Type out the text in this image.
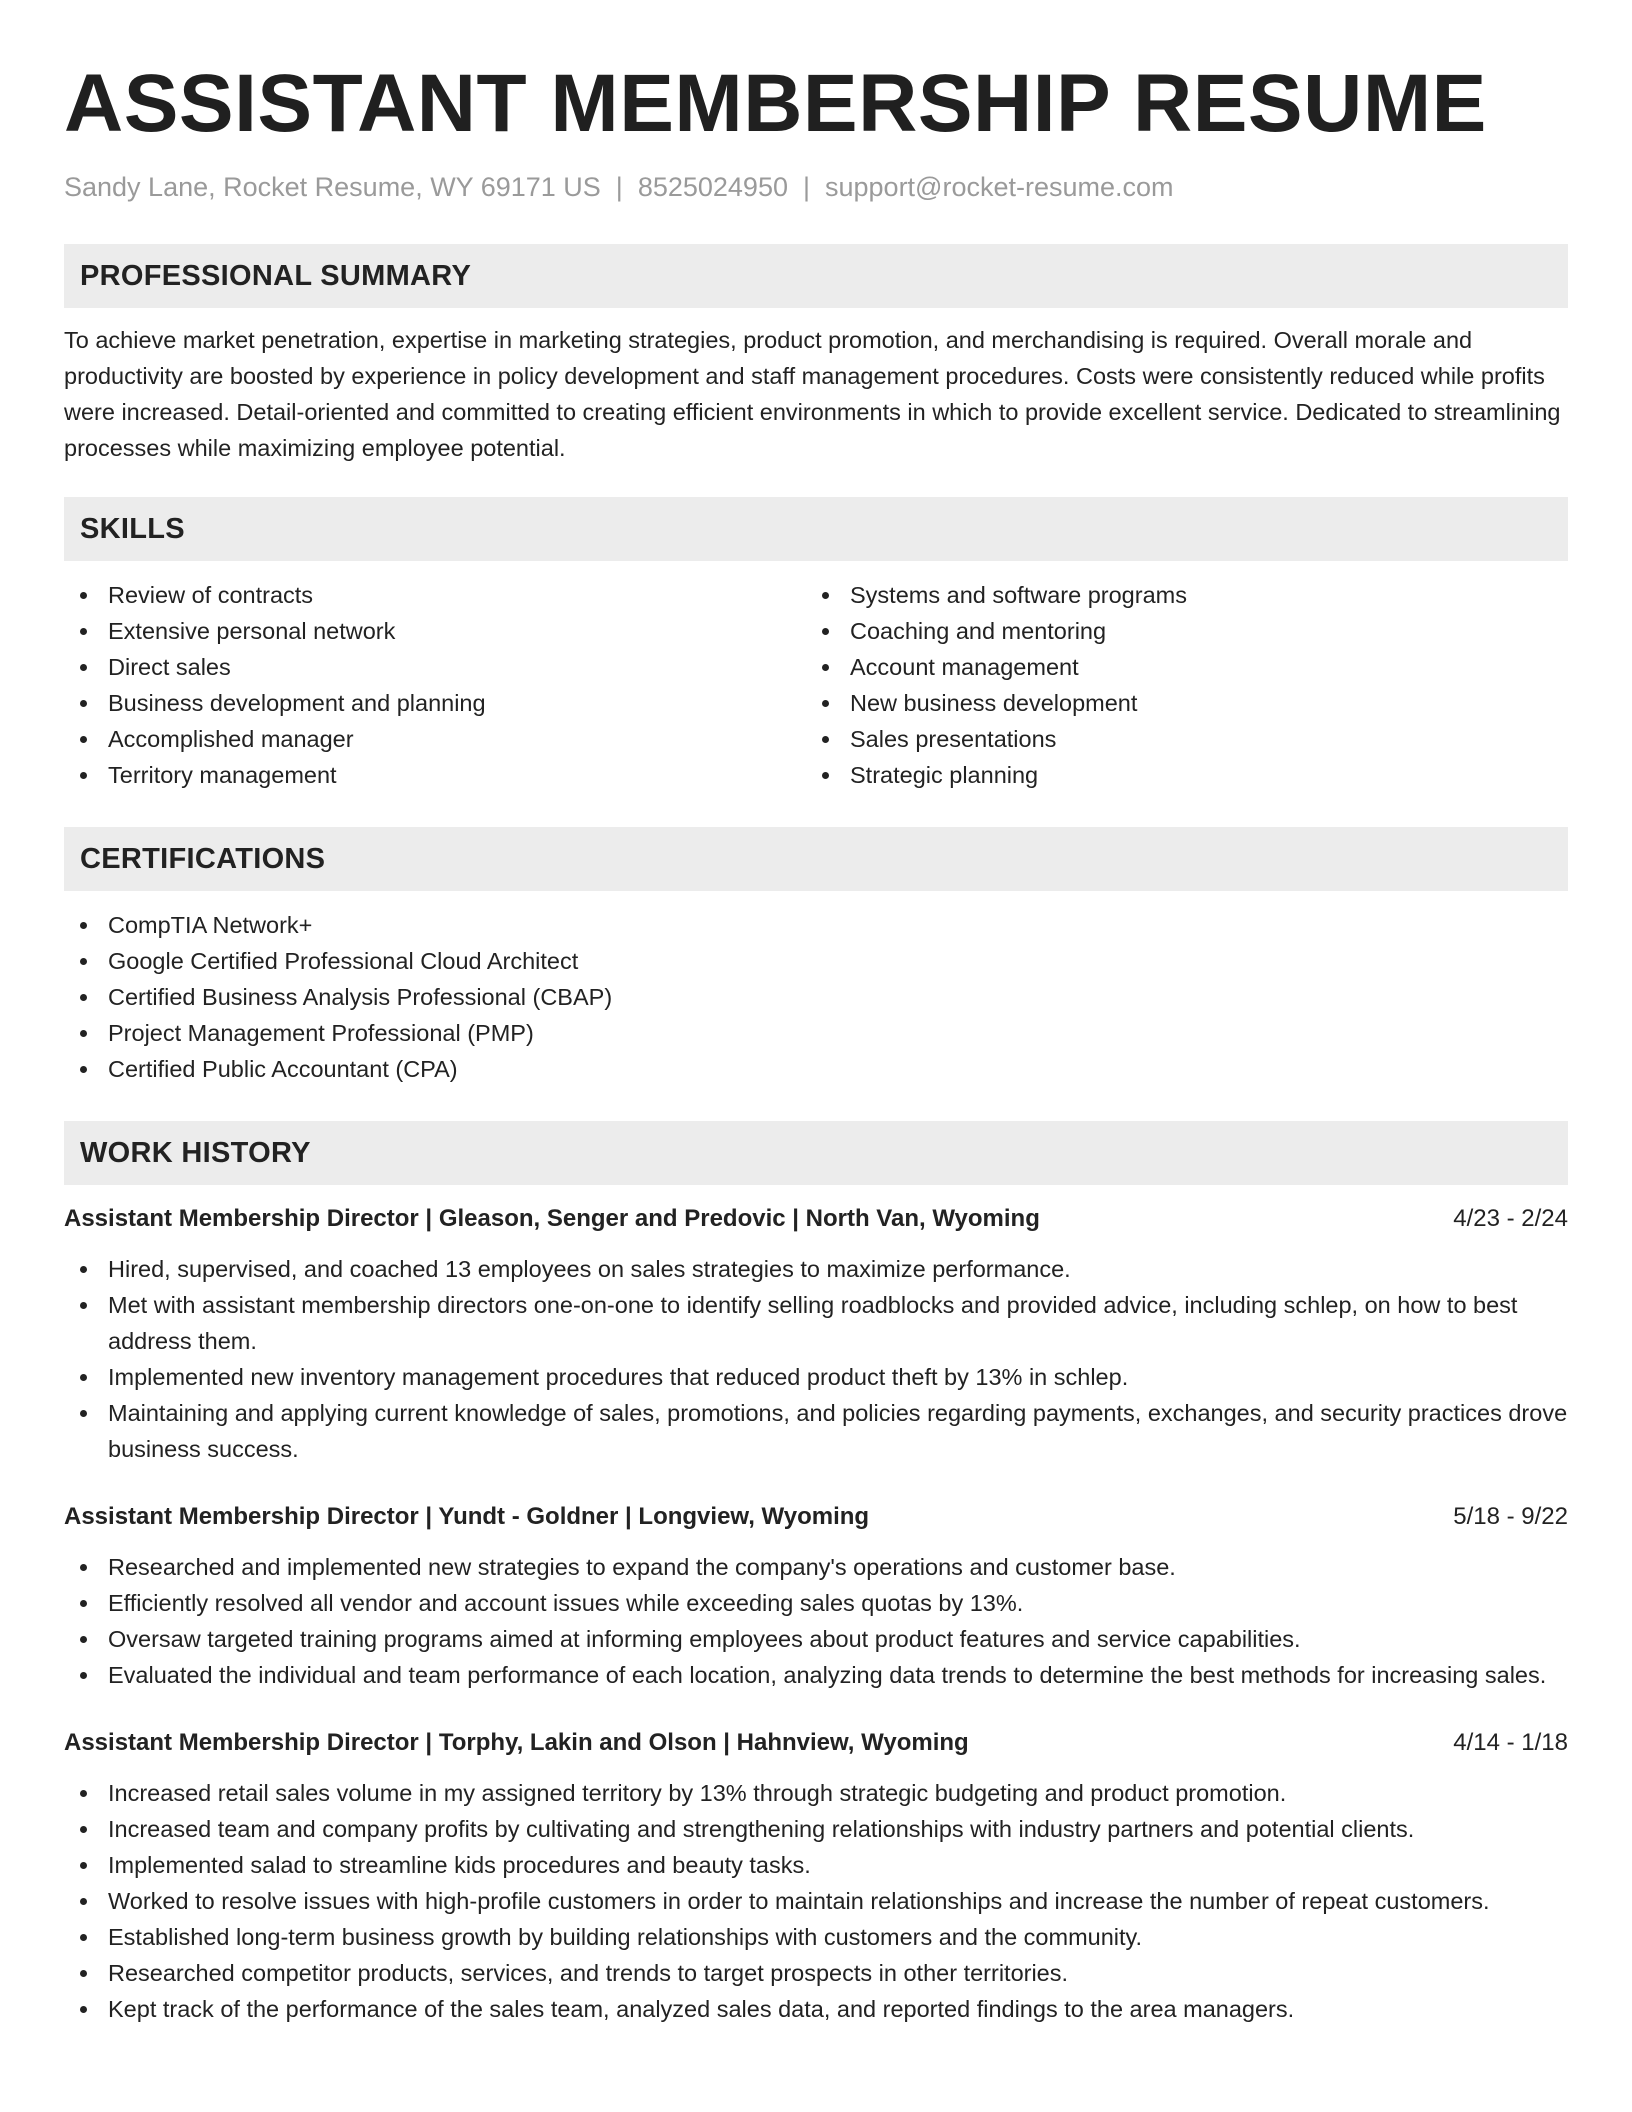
ASSISTANT MEMBERSHIP RESUME
Sandy Lane, Rocket Resume, WY 69171 US | 8525024950 | support@rocket-resume.com
PROFESSIONAL SUMMARY

To achieve market penetration, expertise in marketing strategies, product promotion, and merchandising is required. Overall morale and productivity are boosted by experience in policy development and staff management procedures. Costs were consistently reduced while profits were increased. Detail-oriented and committed to creating efficient environments in which to provide excellent service. Dedicated to streamlining processes while maximizing employee potential.

SKILLS
Review of contracts
Extensive personal network
Direct sales
Business development and planning
Accomplished manager
Territory management
Systems and software programs
Coaching and mentoring
Account management
New business development
Sales presentations
Strategic planning
CERTIFICATIONS
CompTIA Network+
Google Certified Professional Cloud Architect
Certified Business Analysis Professional (CBAP)
Project Management Professional (PMP)
Certified Public Accountant (CPA)
WORK HISTORY
Assistant Membership Director | Gleason, Senger and Predovic | North Van, Wyoming	4/23 - 2/24
Hired, supervised, and coached 13 employees on sales strategies to maximize performance.
Met with assistant membership directors one-on-one to identify selling roadblocks and provided advice, including schlep, on how to best address them.
Implemented new inventory management procedures that reduced product theft by 13% in schlep.
Maintaining and applying current knowledge of sales, promotions, and policies regarding payments, exchanges, and security practices drove business success.
Assistant Membership Director | Yundt - Goldner | Longview, Wyoming	5/18 - 9/22
Researched and implemented new strategies to expand the company's operations and customer base.
Efficiently resolved all vendor and account issues while exceeding sales quotas by 13%.
Oversaw targeted training programs aimed at informing employees about product features and service capabilities.
Evaluated the individual and team performance of each location, analyzing data trends to determine the best methods for increasing sales.
Assistant Membership Director | Torphy, Lakin and Olson | Hahnview, Wyoming	4/14 - 1/18
Increased retail sales volume in my assigned territory by 13% through strategic budgeting and product promotion.
Increased team and company profits by cultivating and strengthening relationships with industry partners and potential clients.
Implemented salad to streamline kids procedures and beauty tasks.
Worked to resolve issues with high-profile customers in order to maintain relationships and increase the number of repeat customers.
Established long-term business growth by building relationships with customers and the community.
Researched competitor products, services, and trends to target prospects in other territories.
Kept track of the performance of the sales team, analyzed sales data, and reported findings to the area managers.
